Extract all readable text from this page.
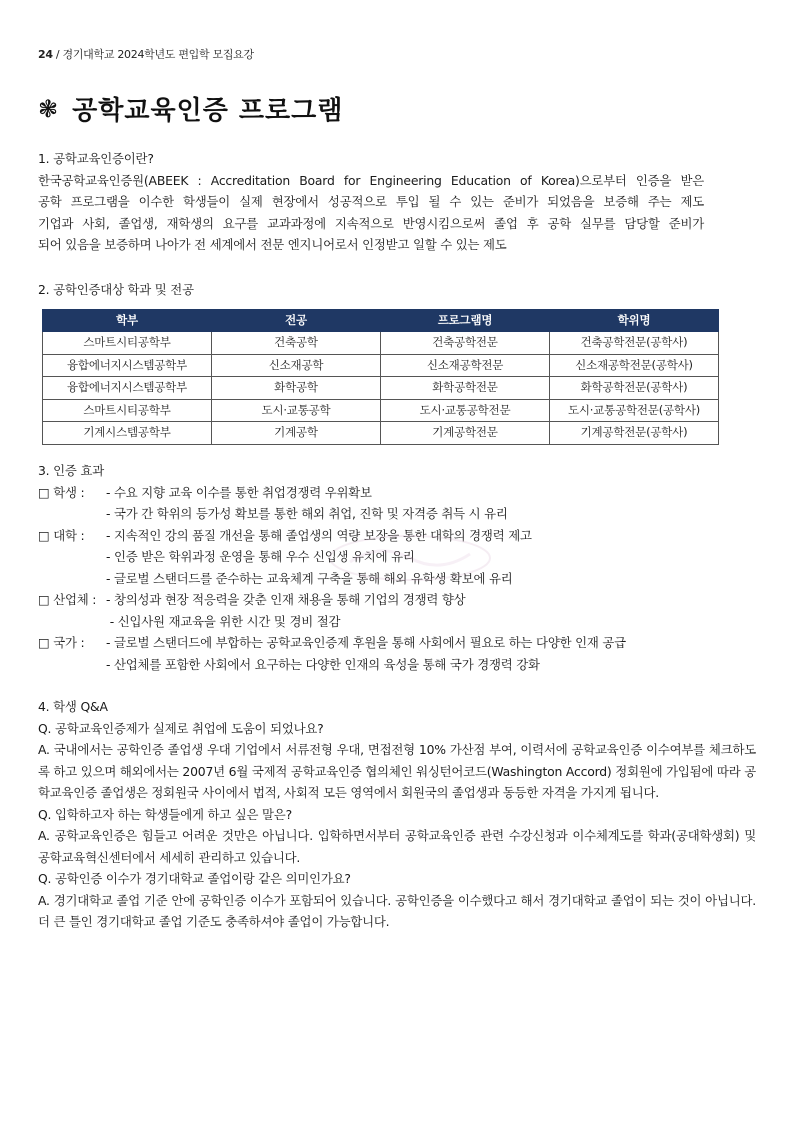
24 / 경기대학교 2024학년도 편입학 모집요강
❃ 공학교육인증 프로그램

1. 공학교육인증이란?

한국공학교육인증원(ABEEK : Accreditation Board for Engineering Education of Korea)으로부터 인증을 받은

공학 프로그램을 이수한 학생들이 실제 현장에서 성공적으로 투입 될 수 있는 준비가 되었음을 보증해 주는 제도

기업과 사회, 졸업생, 재학생의 요구를 교과과정에 지속적으로 반영시킴으로써 졸업 후 공학 실무를 담당할 준비가

되어 있음을 보증하며 나아가 전 세계에서 전문 엔지니어로서 인정받고 일할 수 있는 제도

2. 공학인증대상 학과 및 전공

학부	전공	프로그램명	학위명
스마트시티공학부	건축공학	건축공학전문	건축공학전문(공학사)
융합에너지시스템공학부	신소재공학	신소재공학전문	신소재공학전문(공학사)
융합에너지시스템공학부	화학공학	화학공학전문	화학공학전문(공학사)
스마트시티공학부	도시·교통공학	도시·교통공학전문	도시·교통공학전문(공학사)
기계시스템공학부	기계공학	기계공학전문	기계공학전문(공학사)

3. 인증 효과

□ 학생 :	- 수요 지향 교육 이수를 통한 취업경쟁력 우위확보
- 국가 간 학위의 등가성 확보를 통한 해외 취업, 진학 및 자격증 취득 시 유리
□ 대학 :	- 지속적인 강의 품질 개선을 통해 졸업생의 역량 보장을 통한 대학의 경쟁력 제고
- 인증 받은 학위과정 운영을 통해 우수 신입생 유치에 유리
- 글로벌 스탠더드를 준수하는 교육체계 구축을 통해 해외 유학생 확보에 유리
□ 산업체 : - 창의성과 현장 적응력을 갖춘 인재 채용을 통해 기업의 경쟁력 향상
- 신입사원 재교육을 위한 시간 및 경비 절감
□ 국가 :	- 글로벌 스탠더드에 부합하는 공학교육인증제 후원을 통해 사회에서 필요로 하는 다양한 인재 공급
- 산업체를 포함한 사회에서 요구하는 다양한 인재의 육성을 통해 국가 경쟁력 강화

4. 학생 Q&A

Q. 공학교육인증제가 실제로 취업에 도움이 되었나요?

A. 국내에서는 공학인증 졸업생 우대 기업에서 서류전형 우대, 면접전형 10% 가산점 부여, 이력서에 공학교육인증 이수여부를 체크하도록 하고 있으며 해외에서는 2007년 6월 국제적 공학교육인증 협의체인 워싱턴어코드(Washington Accord) 정회원에 가입됨에 따라 공학교육인증 졸업생은 정회원국 사이에서 법적, 사회적 모든 영역에서 회원국의 졸업생과 동등한 자격을 가지게 됩니다.

Q. 입학하고자 하는 학생들에게 하고 싶은 말은?

A. 공학교육인증은 힘들고 어려운 것만은 아닙니다. 입학하면서부터 공학교육인증 관련 수강신청과 이수체계도를 학과(공대학생회) 및 공학교육혁신센터에서 세세히 관리하고 있습니다.

Q. 공학인증 이수가 경기대학교 졸업이랑 같은 의미인가요?

A. 경기대학교 졸업 기준 안에 공학인증 이수가 포함되어 있습니다. 공학인증을 이수했다고 해서 경기대학교 졸업이 되는 것이 아닙니다. 더 큰 틀인 경기대학교 졸업 기준도 충족하셔야 졸업이 가능합니다.
